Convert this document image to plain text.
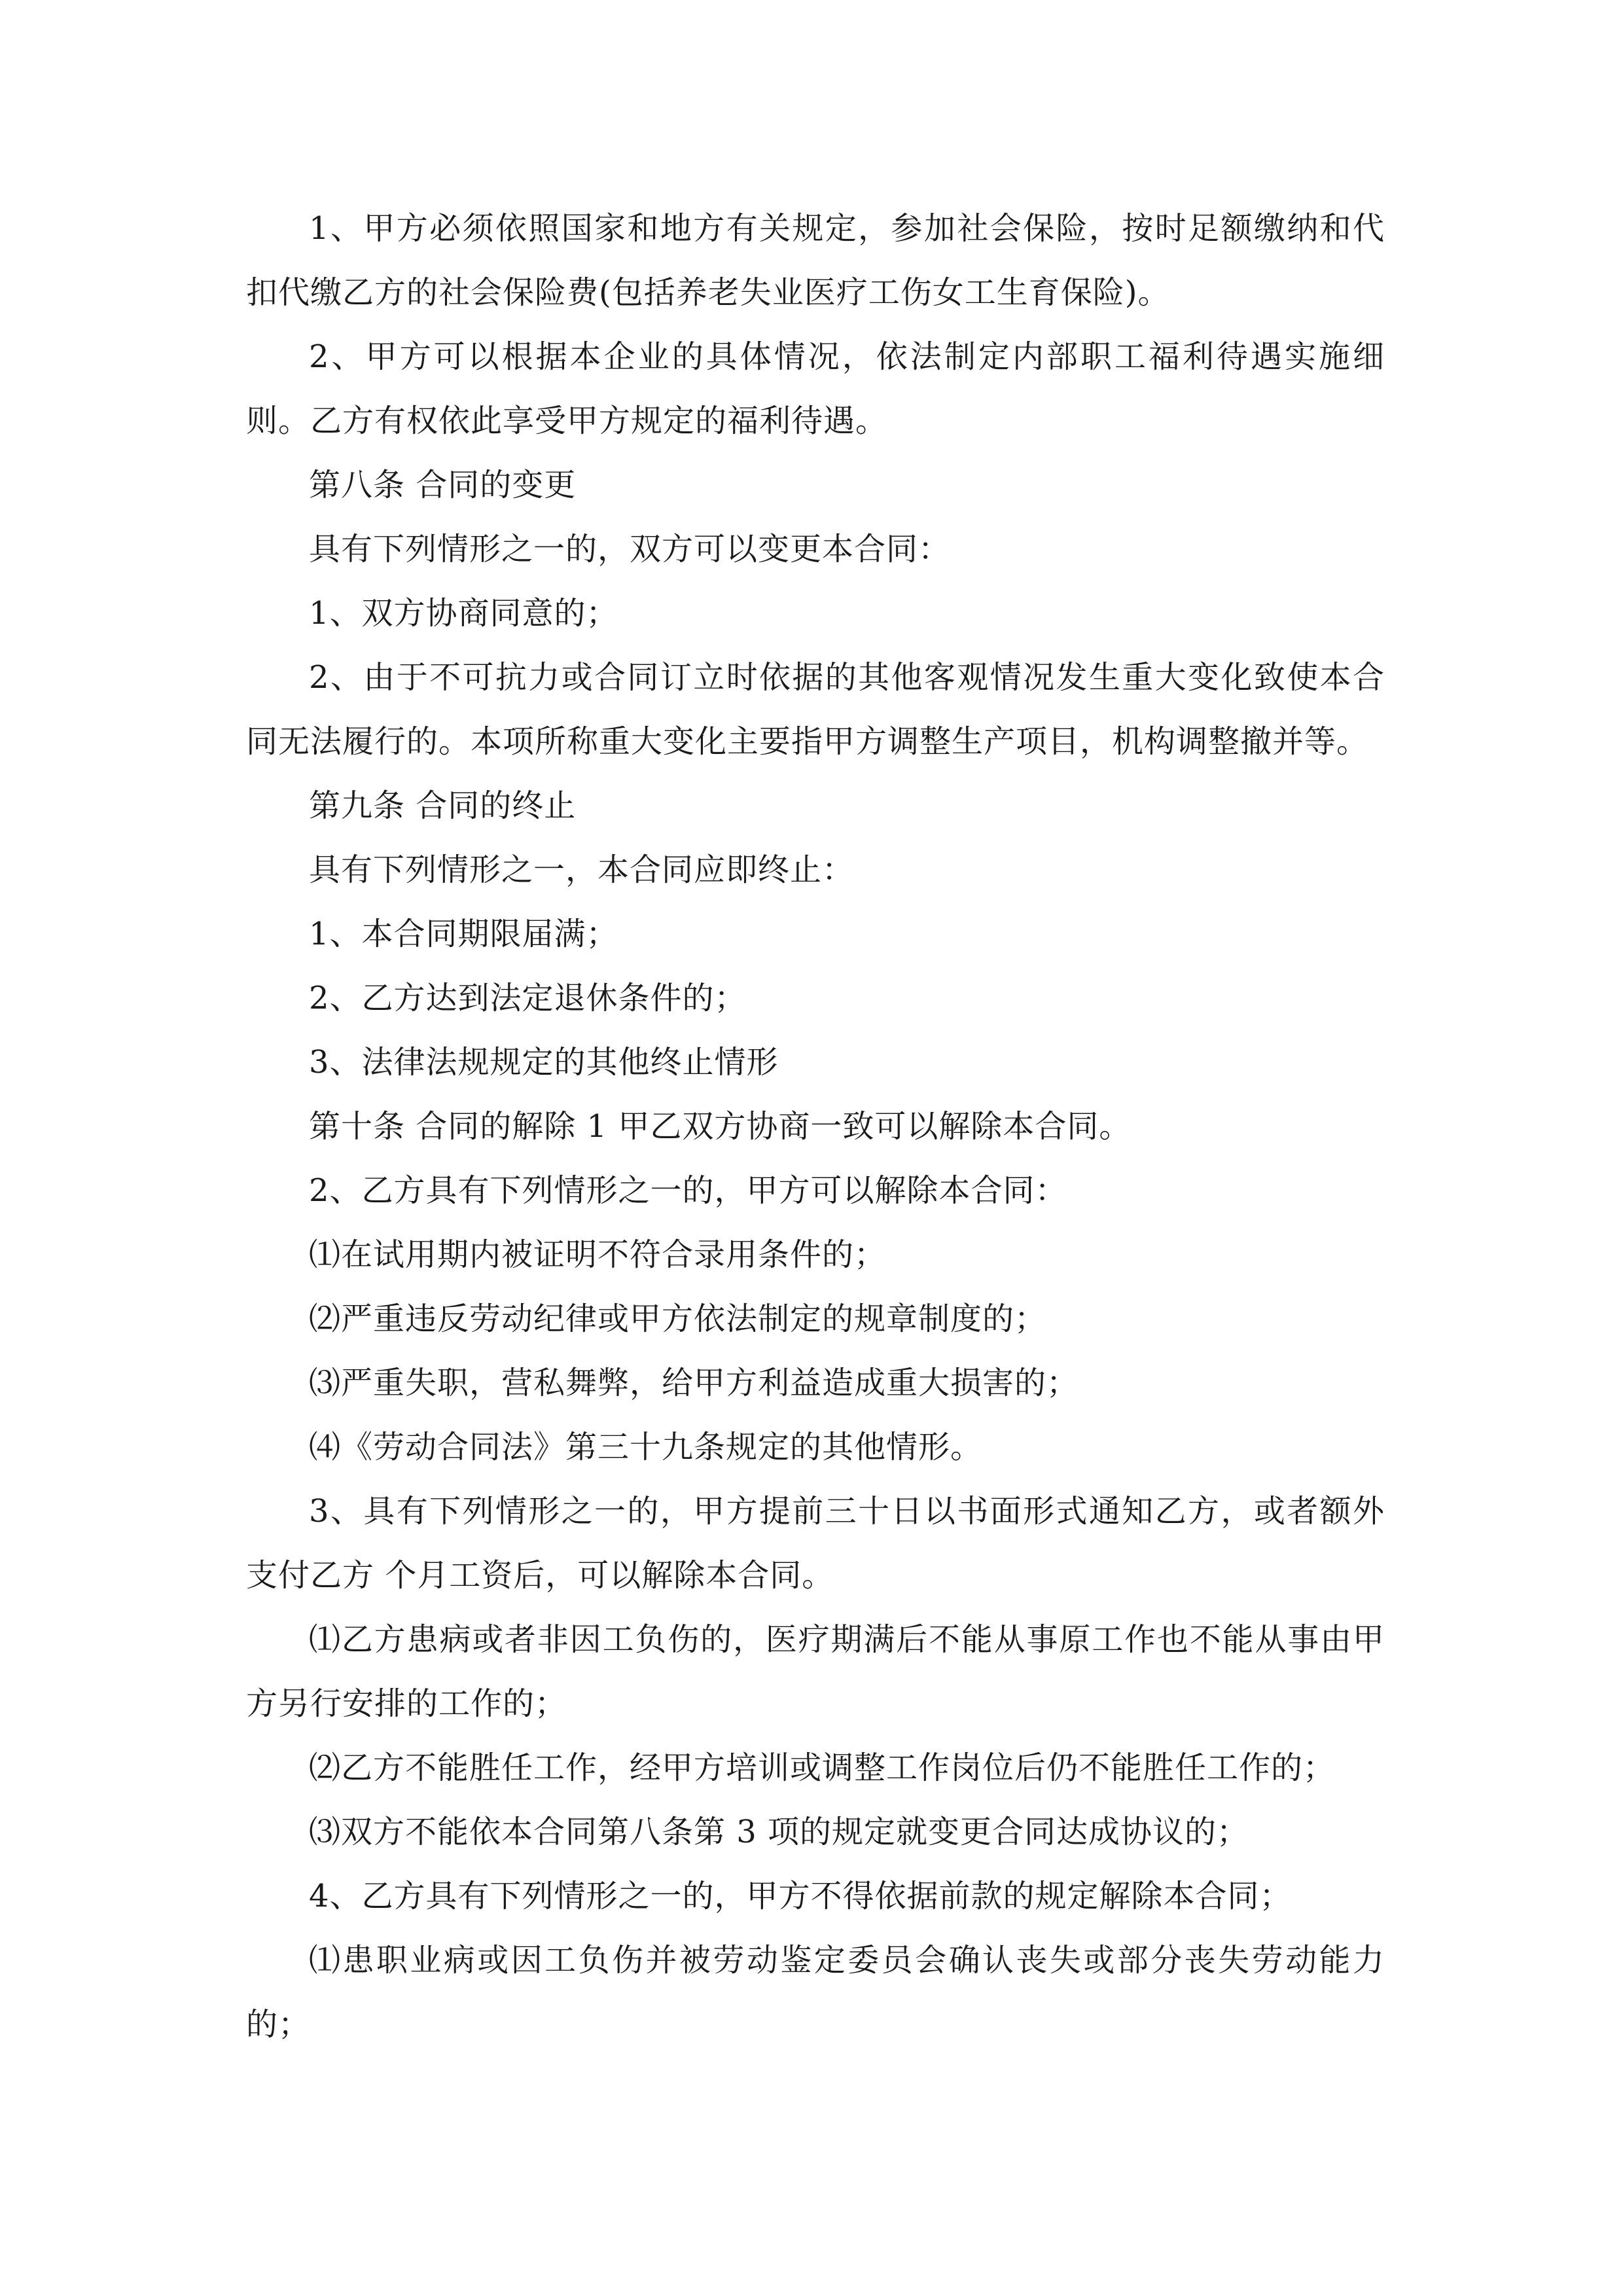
1、甲方必须依照国家和地方有关规定，参加社会保险，按时足额缴纳和代扣代缴乙方的社会保险费(包括养老失业医疗工伤女工生育保险)。

2、甲方可以根据本企业的具体情况，依法制定内部职工福利待遇实施细则。乙方有权依此享受甲方规定的福利待遇。

第八条 合同的变更

具有下列情形之一的，双方可以变更本合同：

1、双方协商同意的；

2、由于不可抗力或合同订立时依据的其他客观情况发生重大变化致使本合同无法履行的。本项所称重大变化主要指甲方调整生产项目，机构调整撤并等。

第九条 合同的终止

具有下列情形之一，本合同应即终止：

1、本合同期限届满；

2、乙方达到法定退休条件的；

3、法律法规规定的其他终止情形

第十条 合同的解除 1 甲乙双方协商一致可以解除本合同。

2、乙方具有下列情形之一的，甲方可以解除本合同：

⑴在试用期内被证明不符合录用条件的；

⑵严重违反劳动纪律或甲方依法制定的规章制度的；

⑶严重失职，营私舞弊，给甲方利益造成重大损害的；

⑷《劳动合同法》第三十九条规定的其他情形。

3、具有下列情形之一的，甲方提前三十日以书面形式通知乙方，或者额外支付乙方 个月工资后，可以解除本合同。

⑴乙方患病或者非因工负伤的，医疗期满后不能从事原工作也不能从事由甲方另行安排的工作的；

⑵乙方不能胜任工作，经甲方培训或调整工作岗位后仍不能胜任工作的；

⑶双方不能依本合同第八条第 3 项的规定就变更合同达成协议的；

4、乙方具有下列情形之一的，甲方不得依据前款的规定解除本合同；

⑴患职业病或因工负伤并被劳动鉴定委员会确认丧失或部分丧失劳动能力的；
